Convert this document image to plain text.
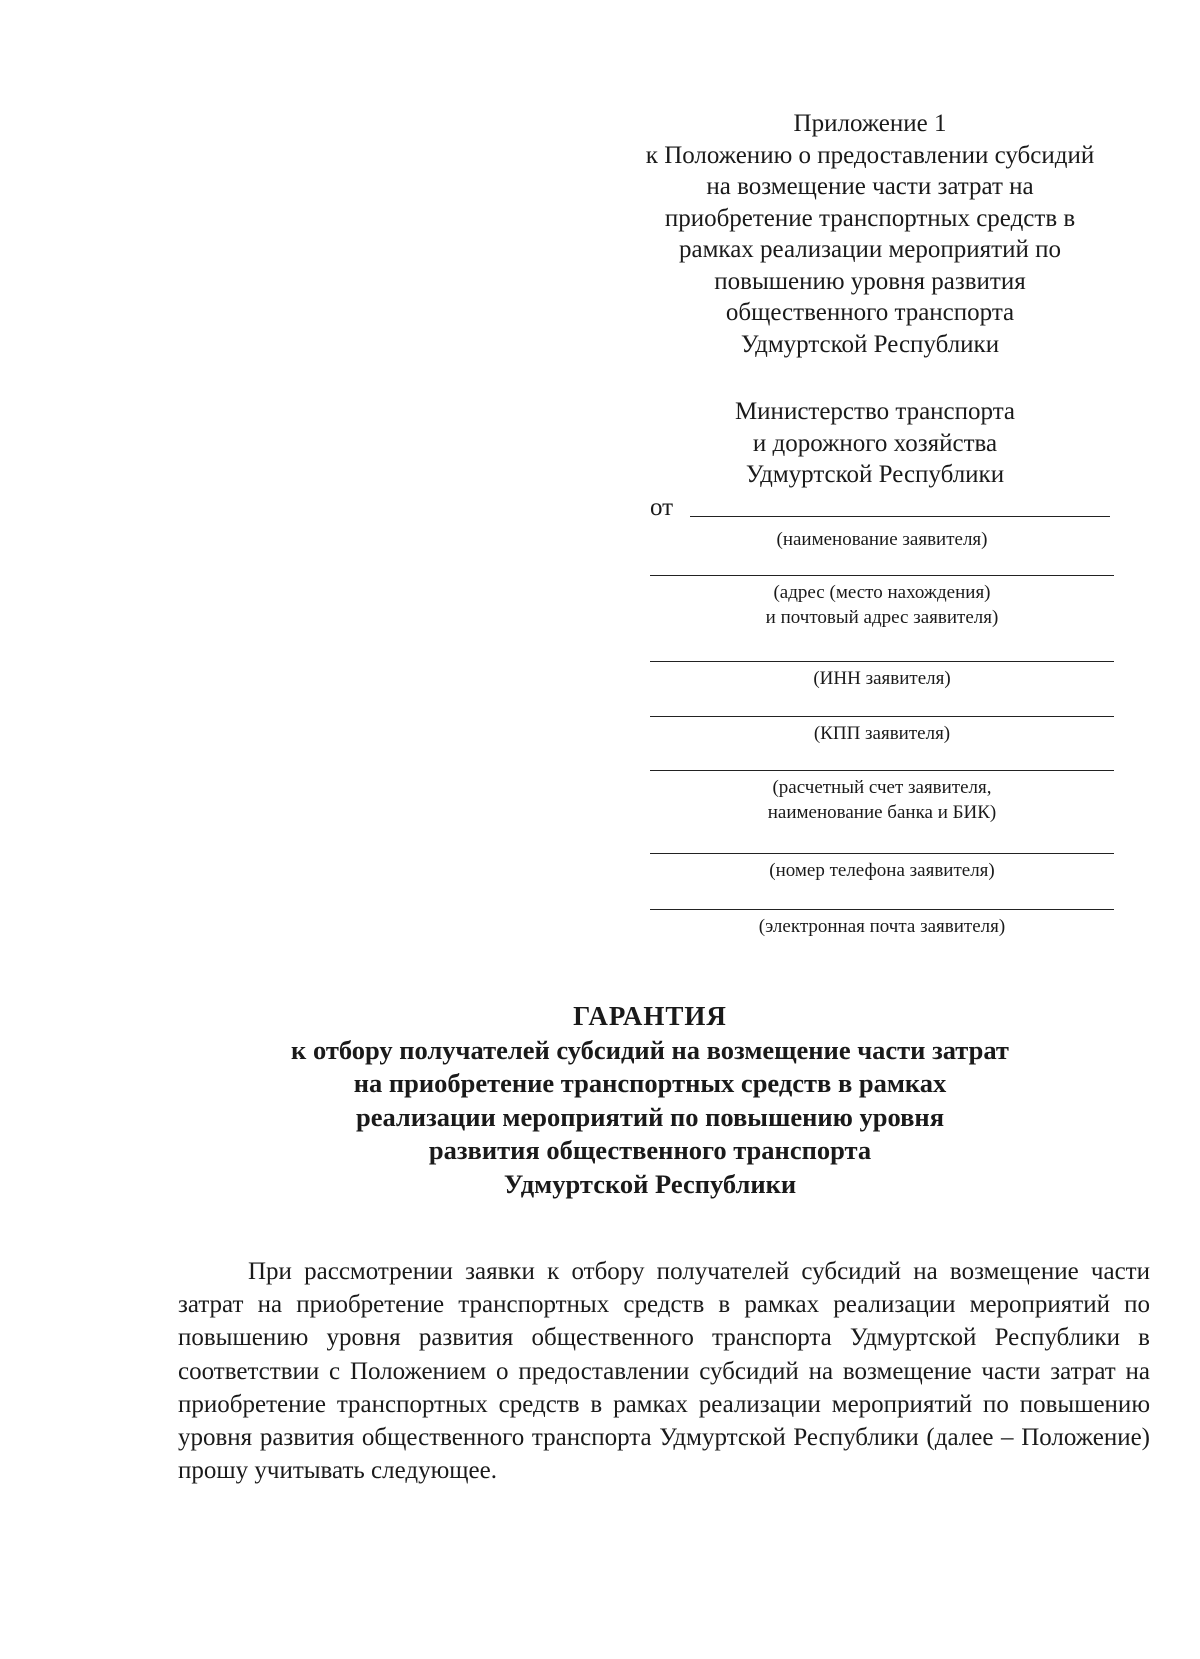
Приложение 1
к Положению о предоставлении субсидий
на возмещение части затрат на
приобретение транспортных средств в
рамках реализации мероприятий по
повышению уровня развития
общественного транспорта
Удмуртской Республики
Министерство транспорта
и дорожного хозяйства
Удмуртской Республики
от
(наименование заявителя)
(адрес (место нахождения)
и почтовый адрес заявителя)
(ИНН заявителя)
(КПП заявителя)
(расчетный счет заявителя,
наименование банка и БИК)
(номер телефона заявителя)
(электронная почта заявителя)
ГАРАНТИЯ
к отбору получателей субсидий на возмещение части затрат
на приобретение транспортных средств в рамках
реализации мероприятий по повышению уровня
развития общественного транспорта
Удмуртской Республики
При рассмотрении заявки к отбору получателей субсидий на возмещение части затрат на приобретение транспортных средств в рамках реализации мероприятий по повышению уровня развития общественного транспорта Удмуртской Республики в соответствии с Положением о предоставлении субсидий на возмещение части затрат на приобретение транспортных средств в рамках реализации мероприятий по повышению уровня развития общественного транспорта Удмуртской Республики (далее – Положение) прошу учитывать следующее.
